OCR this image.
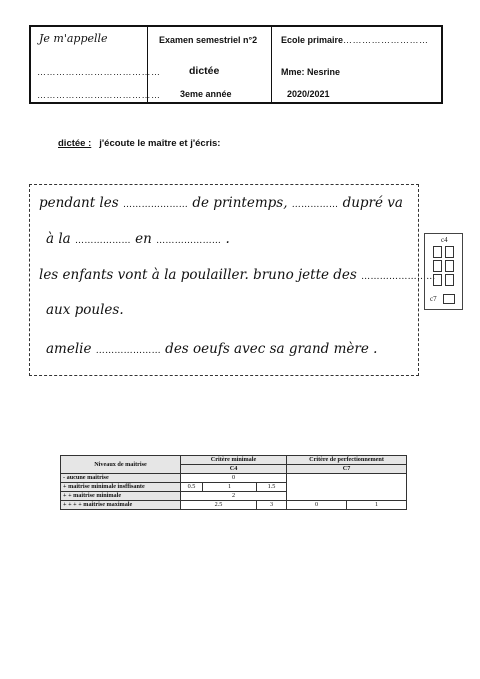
Je m'appelle
…………………………………
…………………………………
Examen semestriel n°2
dictée
3eme année
Ecole primaire………………………
Mme: Nesrine
2020/2021
dictée : j'écoute le maître et j'écris:
pendant les ………………… de printemps, …………… dupré va
à la ……………… en ………………… .
les enfants vont à la poulailler. bruno jette des ……………………
aux poules.
amelie ………………… des oeufs avec sa grand mère .
c4
c7
Niveaux de maitrise	Critère minimale			Critère de perfectionnement	
	C4			C7	
- aucune maitrise	0				
+ maitrise minimale insffisante	0.5	1	1.5		
+ + maitrise minimale	2				
+ + + + maitrise maximale	2.5		3	0	1
